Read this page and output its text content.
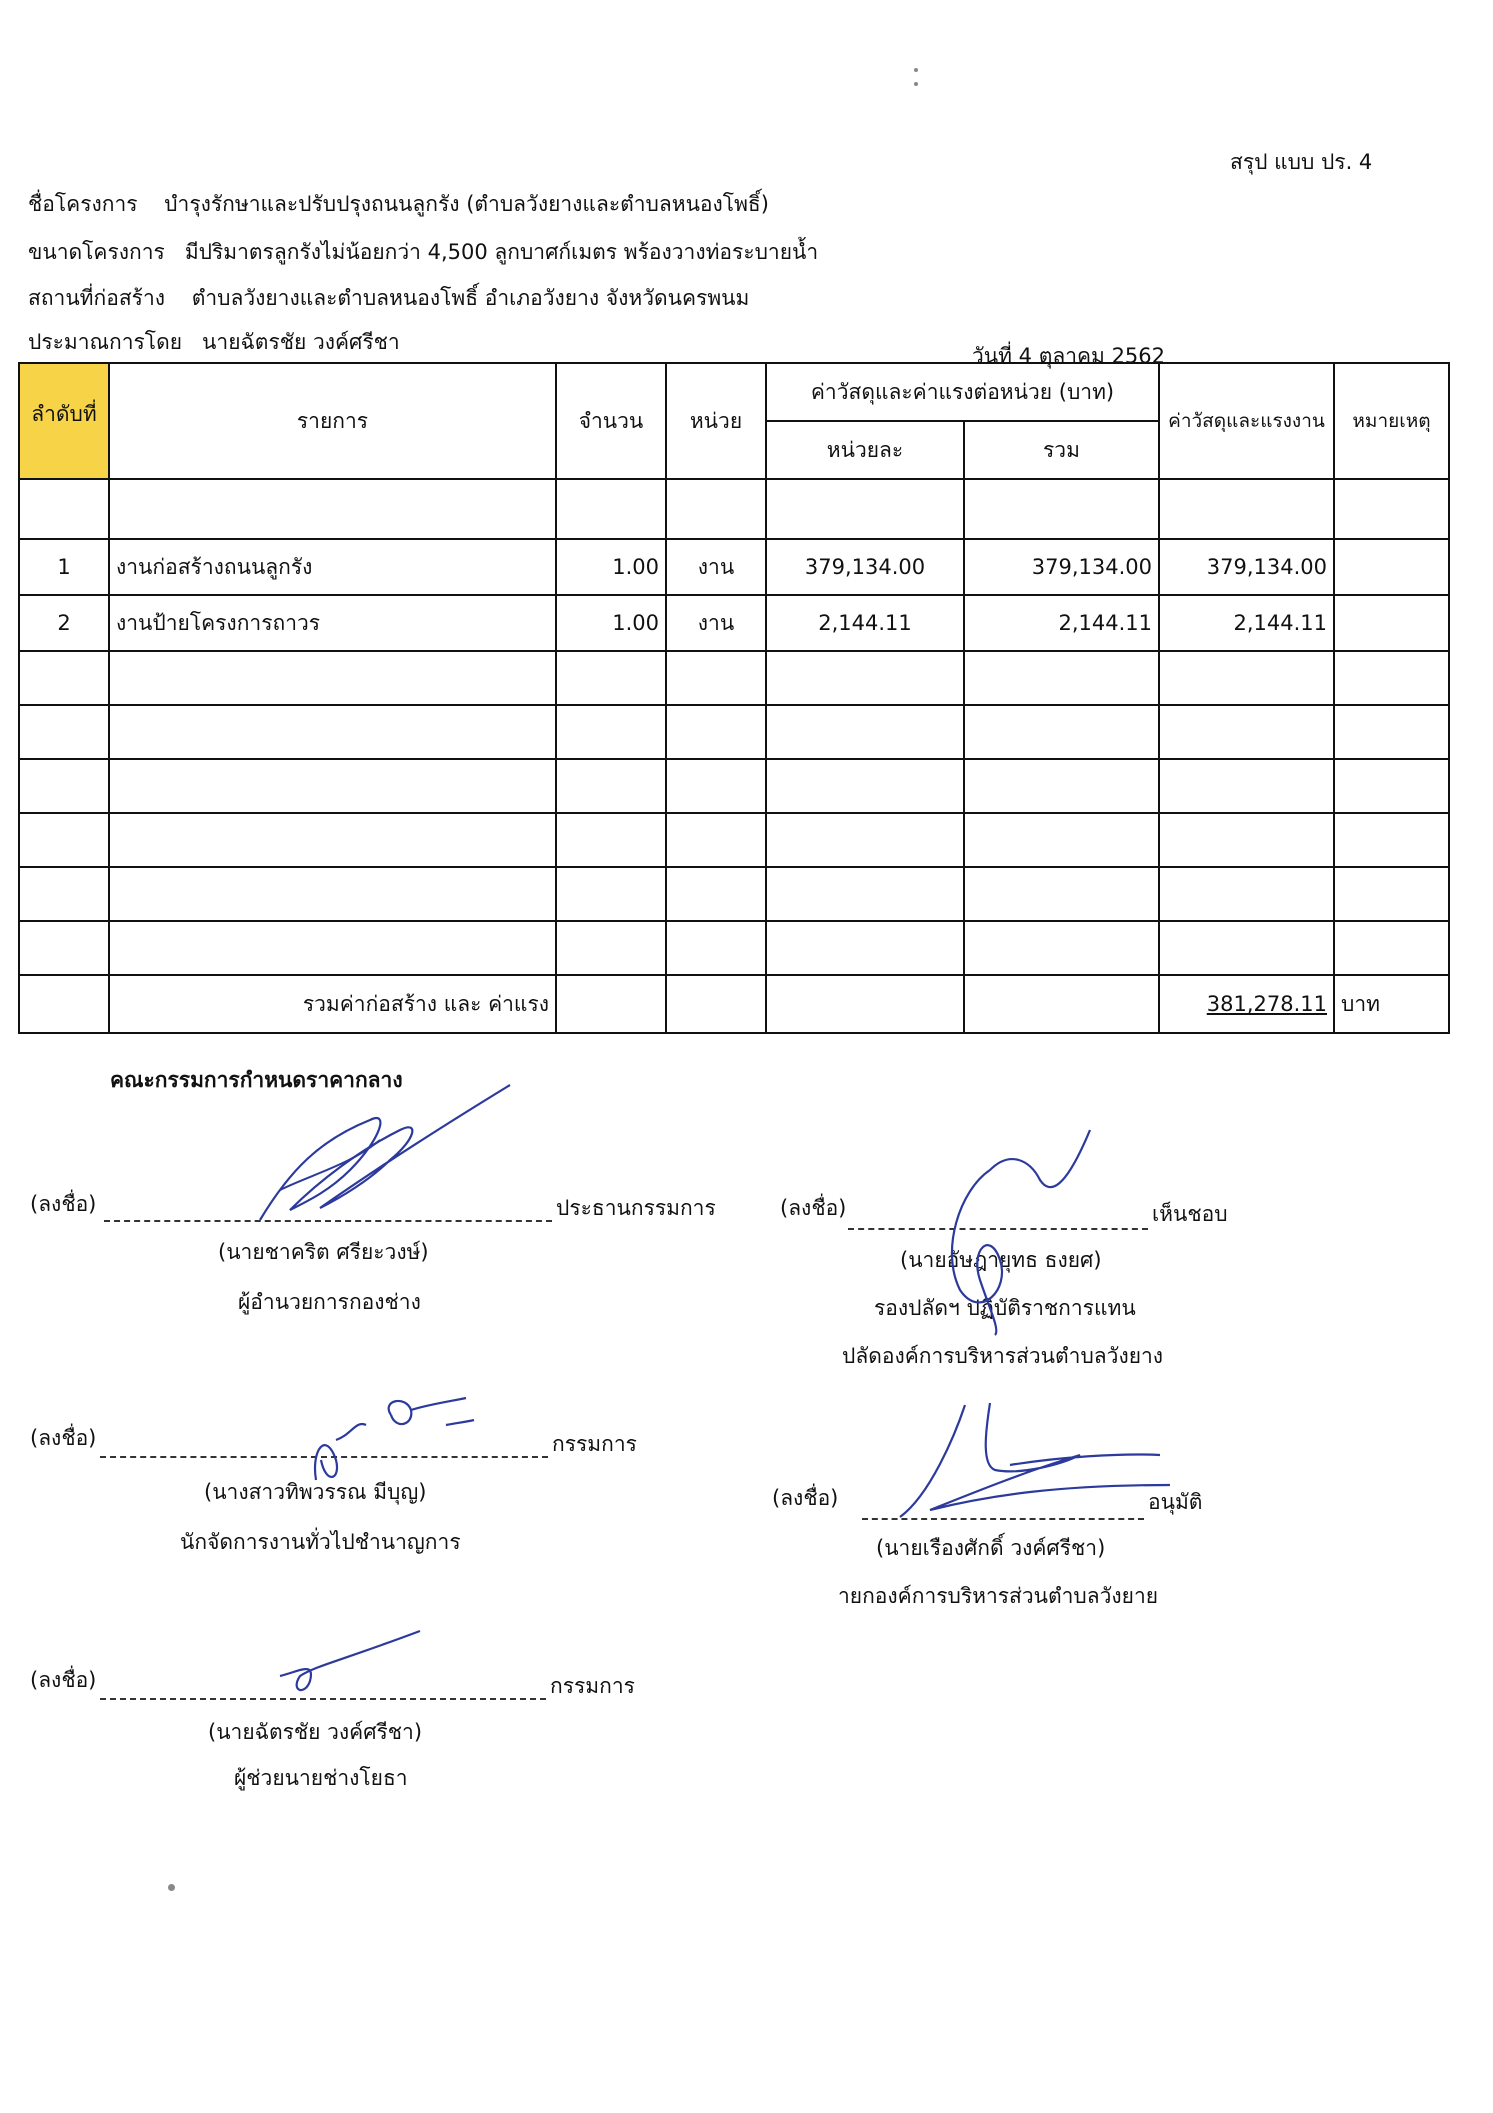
สรุป แบบ ปร. 4
ชื่อโครงการ บำรุงรักษาและปรับปรุงถนนลูกรัง (ตำบลวังยางและตำบลหนองโพธิ์)
ขนาดโครงการ มีปริมาตรลูกรังไม่น้อยกว่า 4,500 ลูกบาศก์เมตร พร้องวางท่อระบายน้ำ
สถานที่ก่อสร้าง ตำบลวังยางและตำบลหนองโพธิ์ อำเภอวังยาง จังหวัดนครพนม
ประมาณการโดย นายฉัตรชัย วงค์ศรีชา
วันที่ 4 ตุลาคม 2562
ลำดับที่	รายการ	จำนวน	หน่วย	ค่าวัสดุและค่าแรงต่อหน่วย (บาท)		ค่าวัสดุและแรงงาน	หมายเหตุ
				หน่วยละ	รวม		

1	งานก่อสร้างถนนลูกรัง	1.00	งาน	379,134.00	379,134.00	379,134.00	
2	งานป้ายโครงการถาวร	1.00	งาน	2,144.11	2,144.11	2,144.11	

	รวมค่าก่อสร้าง และ ค่าแรง					381,278.11	บาท
คณะกรรมการกำหนดราคากลาง
(ลงชื่อ)	ประธานกรรมการ
(นายชาคริต ศรียะวงษ์)
ผู้อำนวยการกองช่าง
(ลงชื่อ)	กรรมการ
(นางสาวทิพวรรณ มีบุญ)
นักจัดการงานทั่วไปชำนาญการ
(ลงชื่อ)	กรรมการ
(นายฉัตรชัย วงค์ศรีชา)
ผู้ช่วยนายช่างโยธา
(ลงชื่อ)	เห็นชอบ
(นายอัษฎายุทธ ธงยศ)
รองปลัดฯ ปฏิบัติราชการแทน
ปลัดองค์การบริหารส่วนตำบลวังยาง
(ลงชื่อ)	อนุมัติ
(นายเรืองศักดิ์ วงค์ศรีชา)
ายกองค์การบริหารส่วนตำบลวังยาย
